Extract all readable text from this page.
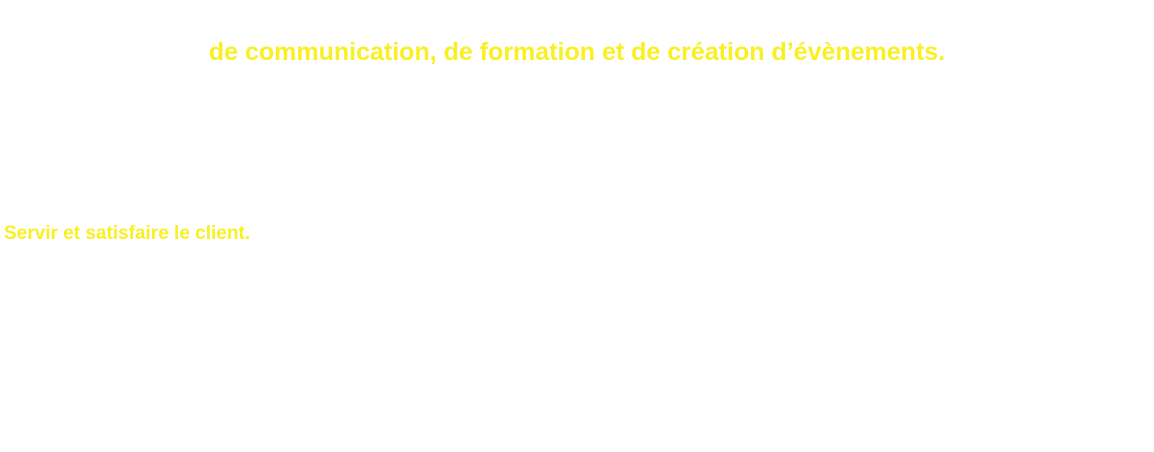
de communication, de formation et de création d’évènements.
Servir et satisfaire le client.
